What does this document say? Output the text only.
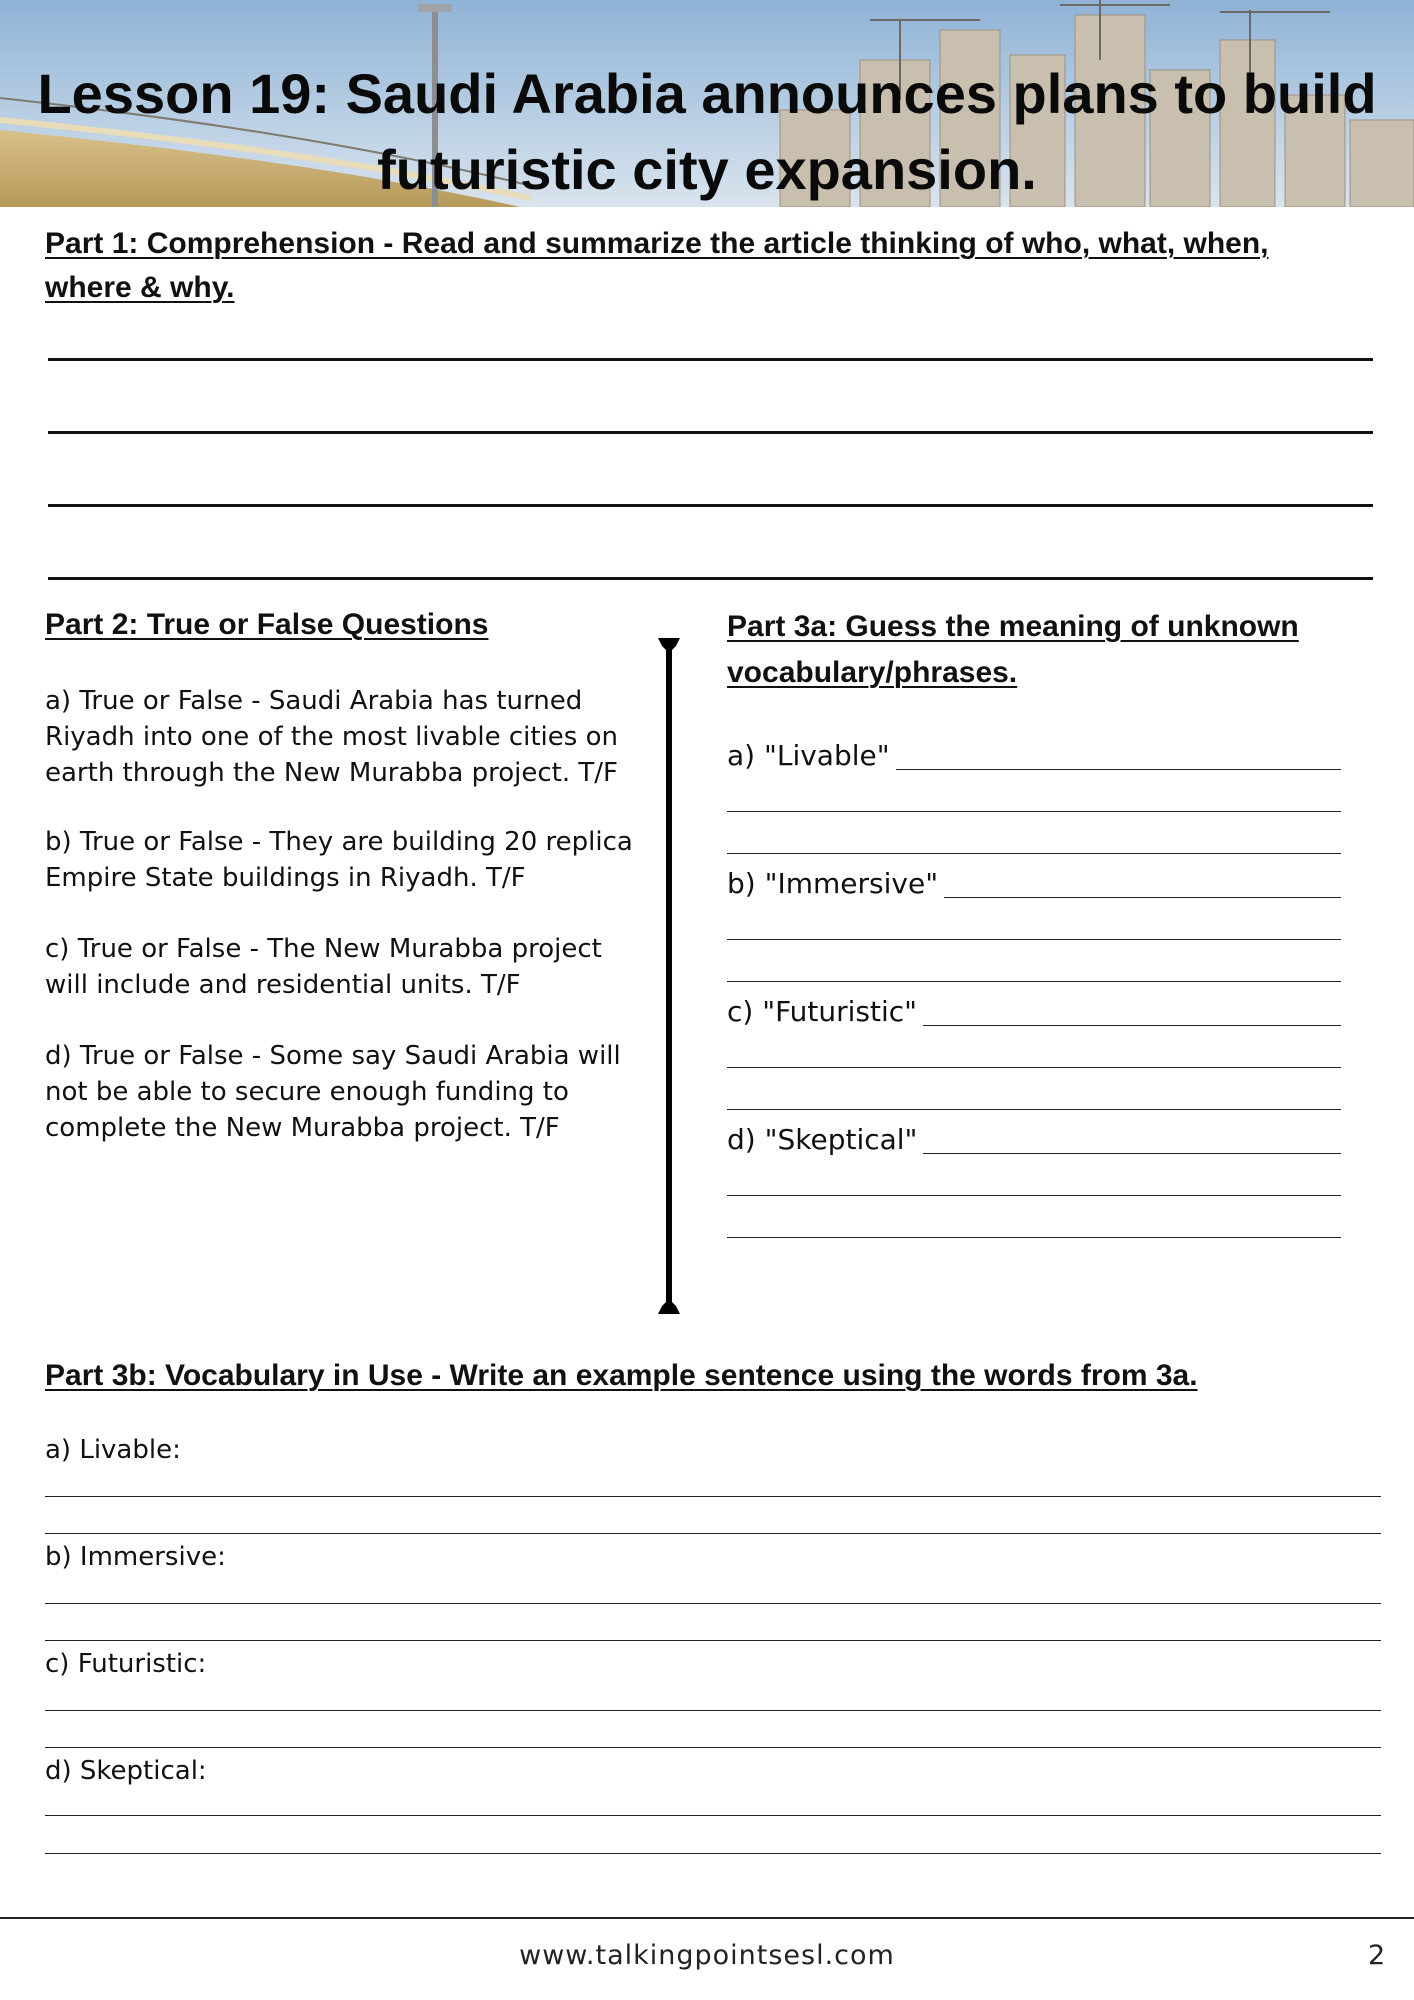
Lesson 19: Saudi Arabia announces plans to build
futuristic city expansion.
Part 1: Comprehension - Read and summarize the article thinking of who, what, when,
where & why.
Part 2: True or False Questions
a) True or False - Saudi Arabia has turned Riyadh into one of the most livable cities on earth through the New Murabba project. T/F
b) True or False - They are building 20 replica Empire State buildings in Riyadh. T/F
c) True or False - The New Murabba project will include and residential units. T/F
d) True or False - Some say Saudi Arabia will not be able to secure enough funding to complete the New Murabba project. T/F
Part 3a: Guess the meaning of unknown
vocabulary/phrases.
a) "Livable"
b) "Immersive"
c) "Futuristic"
d) "Skeptical"
Part 3b: Vocabulary in Use - Write an example sentence using the words from 3a.
a) Livable:
b) Immersive:
c) Futuristic:
d) Skeptical:
www.talkingpointsesl.com	2
